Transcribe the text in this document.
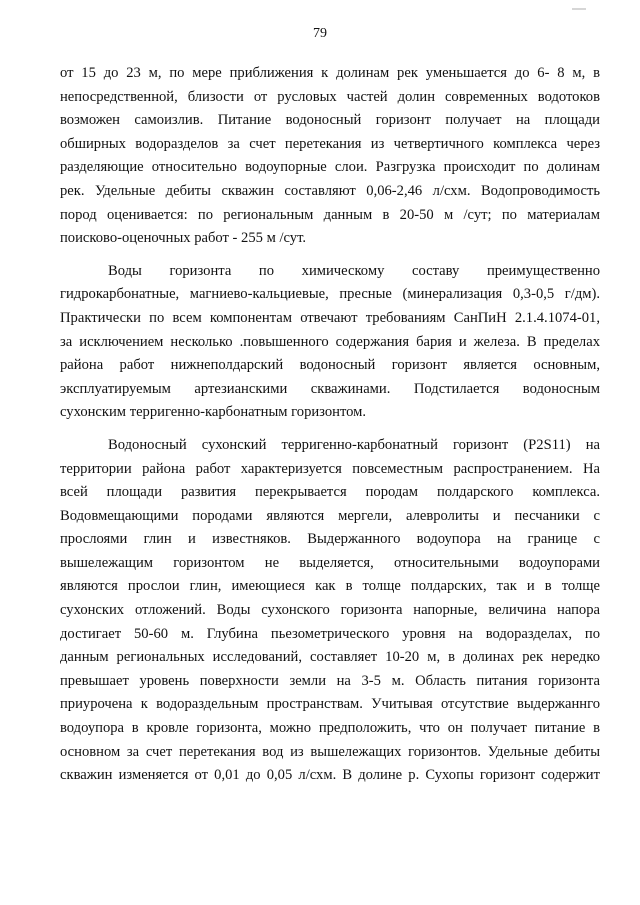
79

от 15 до 23 м, по мере приближения к долинам рек уменьшается до 6- 8 м, в

непосредственной, близости от русловых частей долин современных водотоков

возможен самоизлив. Питание водоносный горизонт получает на площади

обширных водоразделов за счет перетекания из четвертичного комплекса через

разделяющие относительно водоупорные слои. Разгрузка происходит по долинам

рек. Удельные дебиты скважин составляют 0,06-2,46 л/схм. Водопроводимость

пород оценивается: по региональным данным в 20-50 м /сут; по материалам

поисково-оценочных работ - 255 м /сут.

Воды горизонта по химическому составу преимущественно

гидрокарбонатные, магниево-кальциевые, пресные (минерализация 0,3-0,5 г/дм).

Практически по всем компонентам отвечают требованиям СанПиН 2.1.4.1074-01,

за исключением несколько .повышенного содержания бария и железа. В пределах

района работ нижнеполдарский водоносный горизонт является основным,

эксплуатируемым артезианскими скважинами. Подстилается водоносным

сухонским терригенно-карбонатным горизонтом.

Водоносный сухонский терригенно-карбонатный горизонт (P2S11) на

территории района работ характеризуется повсеместным распространением. На

всей площади развития перекрывается породам полдарского комплекса.

Водовмещающими породами являются мергели, алевролиты и песчаники с

прослоями глин и известняков. Выдержанного водоупора на границе с

вышележащим горизонтом не выделяется, относительными водоупорами

являются прослои глин, имеющиеся как в толще полдарских, так и в толще

сухонских отложений. Воды сухонского горизонта напорные, величина напора

достигает 50-60 м. Глубина пьезометрического уровня на водоразделах, по

данным региональных исследований, составляет 10-20 м, в долинах рек нередко

превышает уровень поверхности земли на 3-5 м. Область питания горизонта

приурочена к водораздельным пространствам. Учитывая отсутствие выдержаннго

водоупора в кровле горизонта, можно предположить, что он получает питание в

основном за счет перетекания вод из вышележащих горизонтов. Удельные дебиты

скважин изменяется от 0,01 до 0,05 л/схм. В долине р. Сухопы горизонт содержит
